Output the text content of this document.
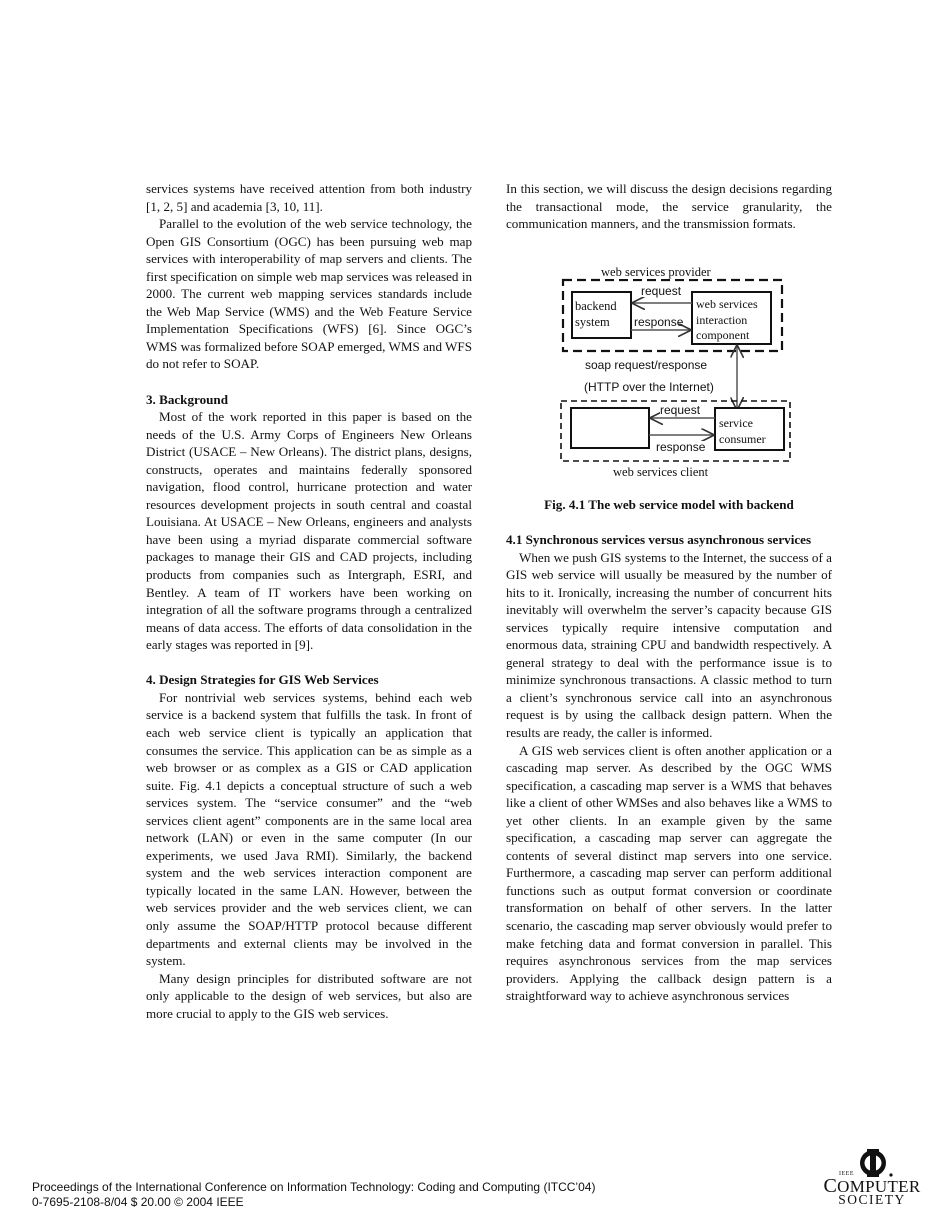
services systems have received attention from both industry [1, 2, 5] and academia [3, 10, 11].

Parallel to the evolution of the web service technology, the Open GIS Consortium (OGC) has been pursuing web map services with interoperability of map servers and clients. The first specification on simple web map services was released in 2000. The current web mapping services standards include the Web Map Service (WMS) and the Web Feature Service Implementation Specifications (WFS) [6]. Since OGC’s WMS was formalized before SOAP emerged, WMS and WFS do not refer to SOAP.

3. Background

Most of the work reported in this paper is based on the needs of the U.S. Army Corps of Engineers New Orleans District (USACE – New Orleans). The district plans, designs, constructs, operates and maintains federally sponsored navigation, flood control, hurricane protection and water resources development projects in south central and coastal Louisiana. At USACE – New Orleans, engineers and analysts have been using a myriad disparate commercial software packages to manage their GIS and CAD projects, including products from companies such as Intergraph, ESRI, and Bentley. A team of IT workers have been working on integration of all the software programs through a centralized means of data access. The efforts of data consolidation in the early stages was reported in [9].

4. Design Strategies for GIS Web Services

For nontrivial web services systems, behind each web service is a backend system that fulfills the task. In front of each web service client is typically an application that consumes the service. This application can be as simple as a web browser or as complex as a GIS or CAD application suite. Fig. 4.1 depicts a conceptual structure of such a web services system. The “service consumer” and the “web services client agent” components are in the same local area network (LAN) or even in the same computer (In our experiments, we used Java RMI). Similarly, the backend system and the web services interaction component are typically located in the same LAN. However, between the web services provider and the web services client, we can only assume the SOAP/HTTP protocol because different departments and external clients may be involved in the system.

Many design principles for distributed software are not only applicable to the design of web services, but also are more crucial to apply to the GIS web services.

In this section, we will discuss the design decisions regarding the transactional mode, the service granularity, the communication manners, and the transmission formats.

web services provider
backend
system
web services
interaction
component
request
response
soap request/response
(HTTP over the Internet)

service
consumer
request
response
web services client
Fig. 4.1 The web service model with backend
4.1 Synchronous services versus asynchronous services

When we push GIS systems to the Internet, the success of a GIS web service will usually be measured by the number of hits to it. Ironically, increasing the number of concurrent hits inevitably will overwhelm the server’s capacity because GIS services typically require intensive computation and enormous data, straining CPU and bandwidth respectively. A general strategy to deal with the performance issue is to minimize synchronous transactions. A classic method to turn a client’s synchronous service call into an asynchronous request is by using the callback design pattern. When the results are ready, the caller is informed.

A GIS web services client is often another application or a cascading map server. As described by the OGC WMS specification, a cascading map server is a WMS that behaves like a client of other WMSes and also behaves like a WMS to yet other clients. In an example given by the same specification, a cascading map server can aggregate the contents of several distinct map servers into one service. Furthermore, a cascading map server can perform additional functions such as output format conversion or coordinate transformation on behalf of other servers. In the latter scenario, the cascading map server obviously would prefer to make fetching data and format conversion in parallel. This requires asynchronous services from the map services providers. Applying the callback design pattern is a straightforward way to achieve asynchronous services

Proceedings of the International Conference on Information Technology: Coding and Computing (ITCC’04)
0-7695-2108-8/04 $ 20.00 © 2004 IEEE
IEEE
COMPUTER
SOCIETY
